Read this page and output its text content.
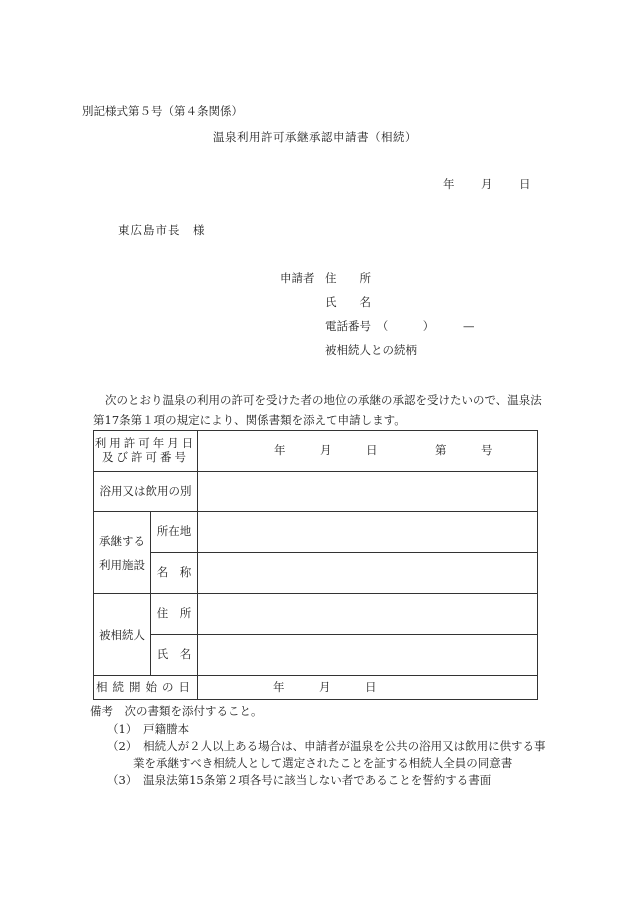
別記様式第５号（第４条関係）
温泉利用許可承継承認申請書（相続）
年	月	日
東広島市長　様
申請者 住　　所
氏　　名
電話番号　（　　　）　　　—
被相続人との続柄
次のとおり温泉の利用の許可を受けた者の地位の承継の承認を受けたいので、温泉法第17条第１項の規定により、関係書類を添えて申請します。
利用許可年月日
及び許可番号		年　　　月　　　日　　　　　第　　　号
浴用又は飲用の別		

承継する
利用施設	所在地	
	名　称	
被相続人	住　所	
	氏　名	
相続開始の日		年　　　月　　　日
備考　次の書類を添付すること。
（1）　戸籍謄本
（2）　相続人が２人以上ある場合は、申請者が温泉を公共の浴用又は飲用に供する事
業を承継すべき相続人として選定されたことを証する相続人全員の同意書
（3）　温泉法第15条第２項各号に該当しない者であることを誓約する書面
